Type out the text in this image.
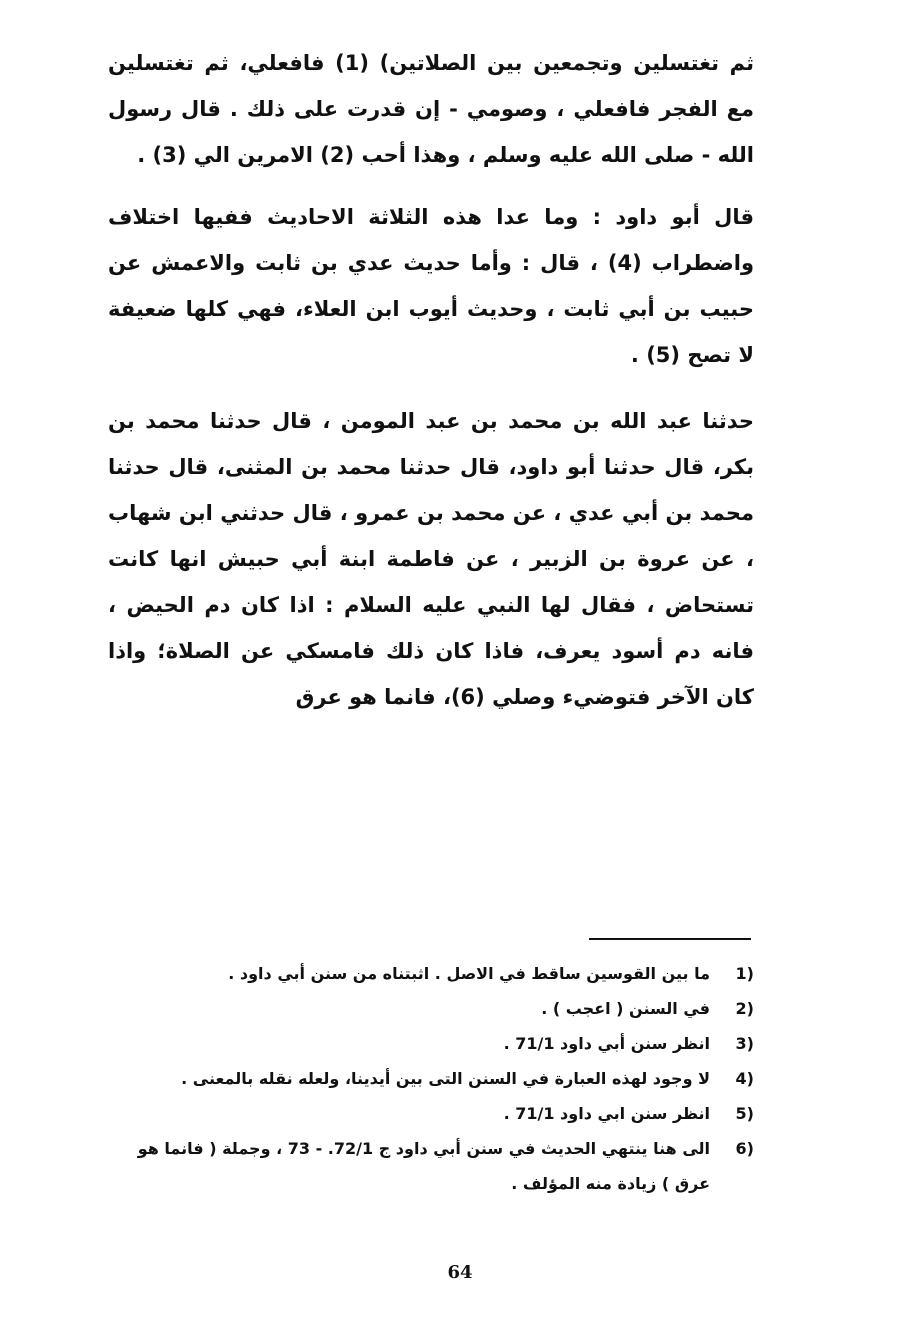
ثم تغتسلين وتجمعين بين الصلاتين) (1) فافعلي، ثم تغتسلين مع الفجر فافعلي ، وصومي - إن قدرت على ذلك . قال رسول الله - صلى الله عليه وسلم ، وهذا أحب (2) الامرين الي (3) .

قال أبو داود : وما عدا هذه الثلاثة الاحاديث ففيها اختلاف واضطراب (4) ، قال : وأما حديث عدي بن ثابت والاعمش عن حبيب بن أبي ثابت ، وحديث أيوب ابن العلاء، فهي كلها ضعيفة لا تصح (5) .

حدثنا عبد الله بن محمد بن عبد المومن ، قال حدثنا محمد بن بكر، قال حدثنا أبو داود، قال حدثنا محمد بن المثنى، قال حدثنا محمد بن أبي عدي ، عن محمد بن عمرو ، قال حدثني ابن شهاب ، عن عروة بن الزبير ، عن فاطمة ابنة أبي حبيش انها كانت تستحاض ، فقال لها النبي عليه السلام : اذا كان دم الحيض ، فانه دم أسود يعرف، فاذا كان ذلك فامسكي عن الصلاة؛ واذا كان الآخر فتوضيء وصلي (6)، فانما هو عرق

1)
ما بين القوسين ساقط في الاصل . اثبتناه من سنن أبي داود .
2)
في السنن ( اعجب ) .
3)
انظر سنن أبي داود 71/1 .
4)
لا وجود لهذه العبارة في السنن التى بين أيدينا، ولعله نقله بالمعنى .
5)
انظر سنن ابي داود 71/1 .
6)
الى هنا ينتهي الحديث في سنن أبي داود ج 72/1. - 73 ، وجملة ( فانما هو عرق ) زيادة منه المؤلف .
64
